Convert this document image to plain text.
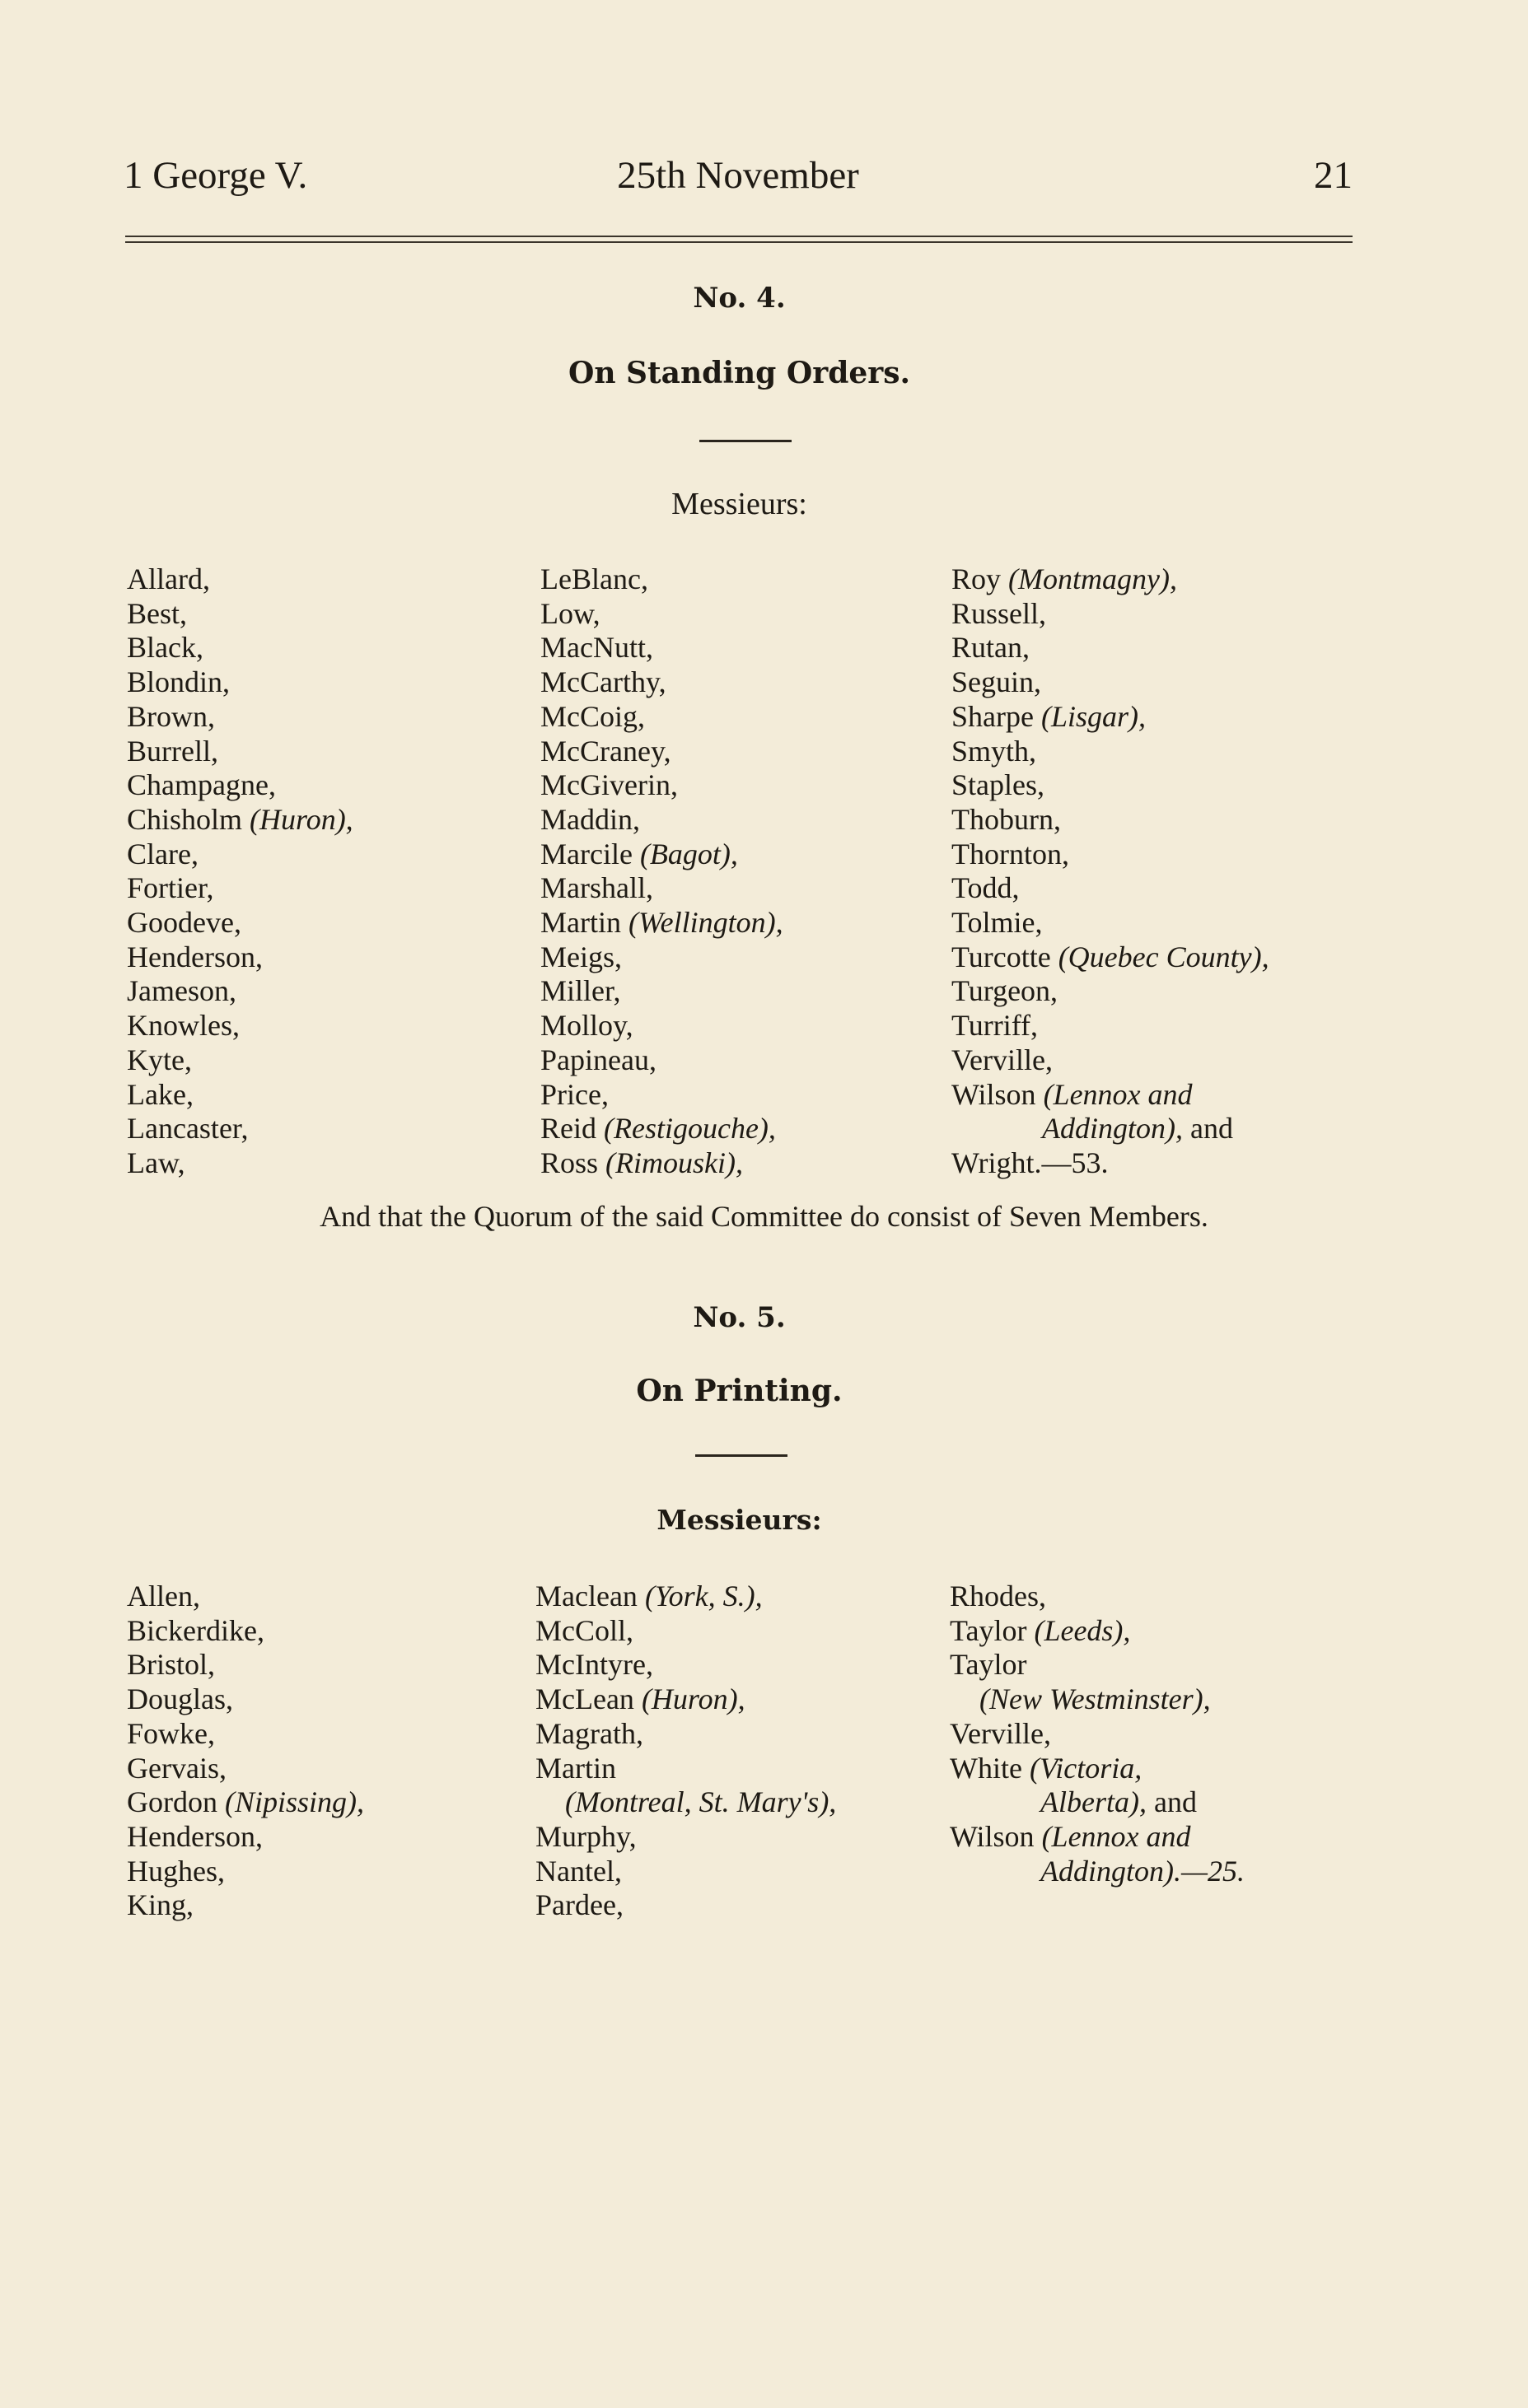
1 George V.	25th November	21
No. 4.
On Standing Orders.
Messieurs:
Allard,
Best,
Black,
Blondin,
Brown,
Burrell,
Champagne,
Chisholm (Huron),
Clare,
Fortier,
Goodeve,
Henderson,
Jameson,
Knowles,
Kyte,
Lake,
Lancaster,
Law,
LeBlanc,
Low,
MacNutt,
McCarthy,
McCoig,
McCraney,
McGiverin,
Maddin,
Marcile (Bagot),
Marshall,
Martin (Wellington),
Meigs,
Miller,
Molloy,
Papineau,
Price,
Reid (Restigouche),
Ross (Rimouski),
Roy (Montmagny),
Russell,
Rutan,
Seguin,
Sharpe (Lisgar),
Smyth,
Staples,
Thoburn,
Thornton,
Todd,
Tolmie,
Turcotte (Quebec County),
Turgeon,
Turriff,
Verville,
Wilson (Lennox and
Addington), and
Wright.—53.
And that the Quorum of the said Committee do consist of Seven Members.
No. 5.
On Printing.
Messieurs:
Allen,
Bickerdike,
Bristol,
Douglas,
Fowke,
Gervais,
Gordon (Nipissing),
Henderson,
Hughes,
King,
Maclean (York, S.),
McColl,
McIntyre,
McLean (Huron),
Magrath,
Martin
(Montreal, St. Mary's),
Murphy,
Nantel,
Pardee,
Rhodes,
Taylor (Leeds),
Taylor
(New Westminster),
Verville,
White (Victoria,
Alberta), and
Wilson (Lennox and
Addington).—25.
